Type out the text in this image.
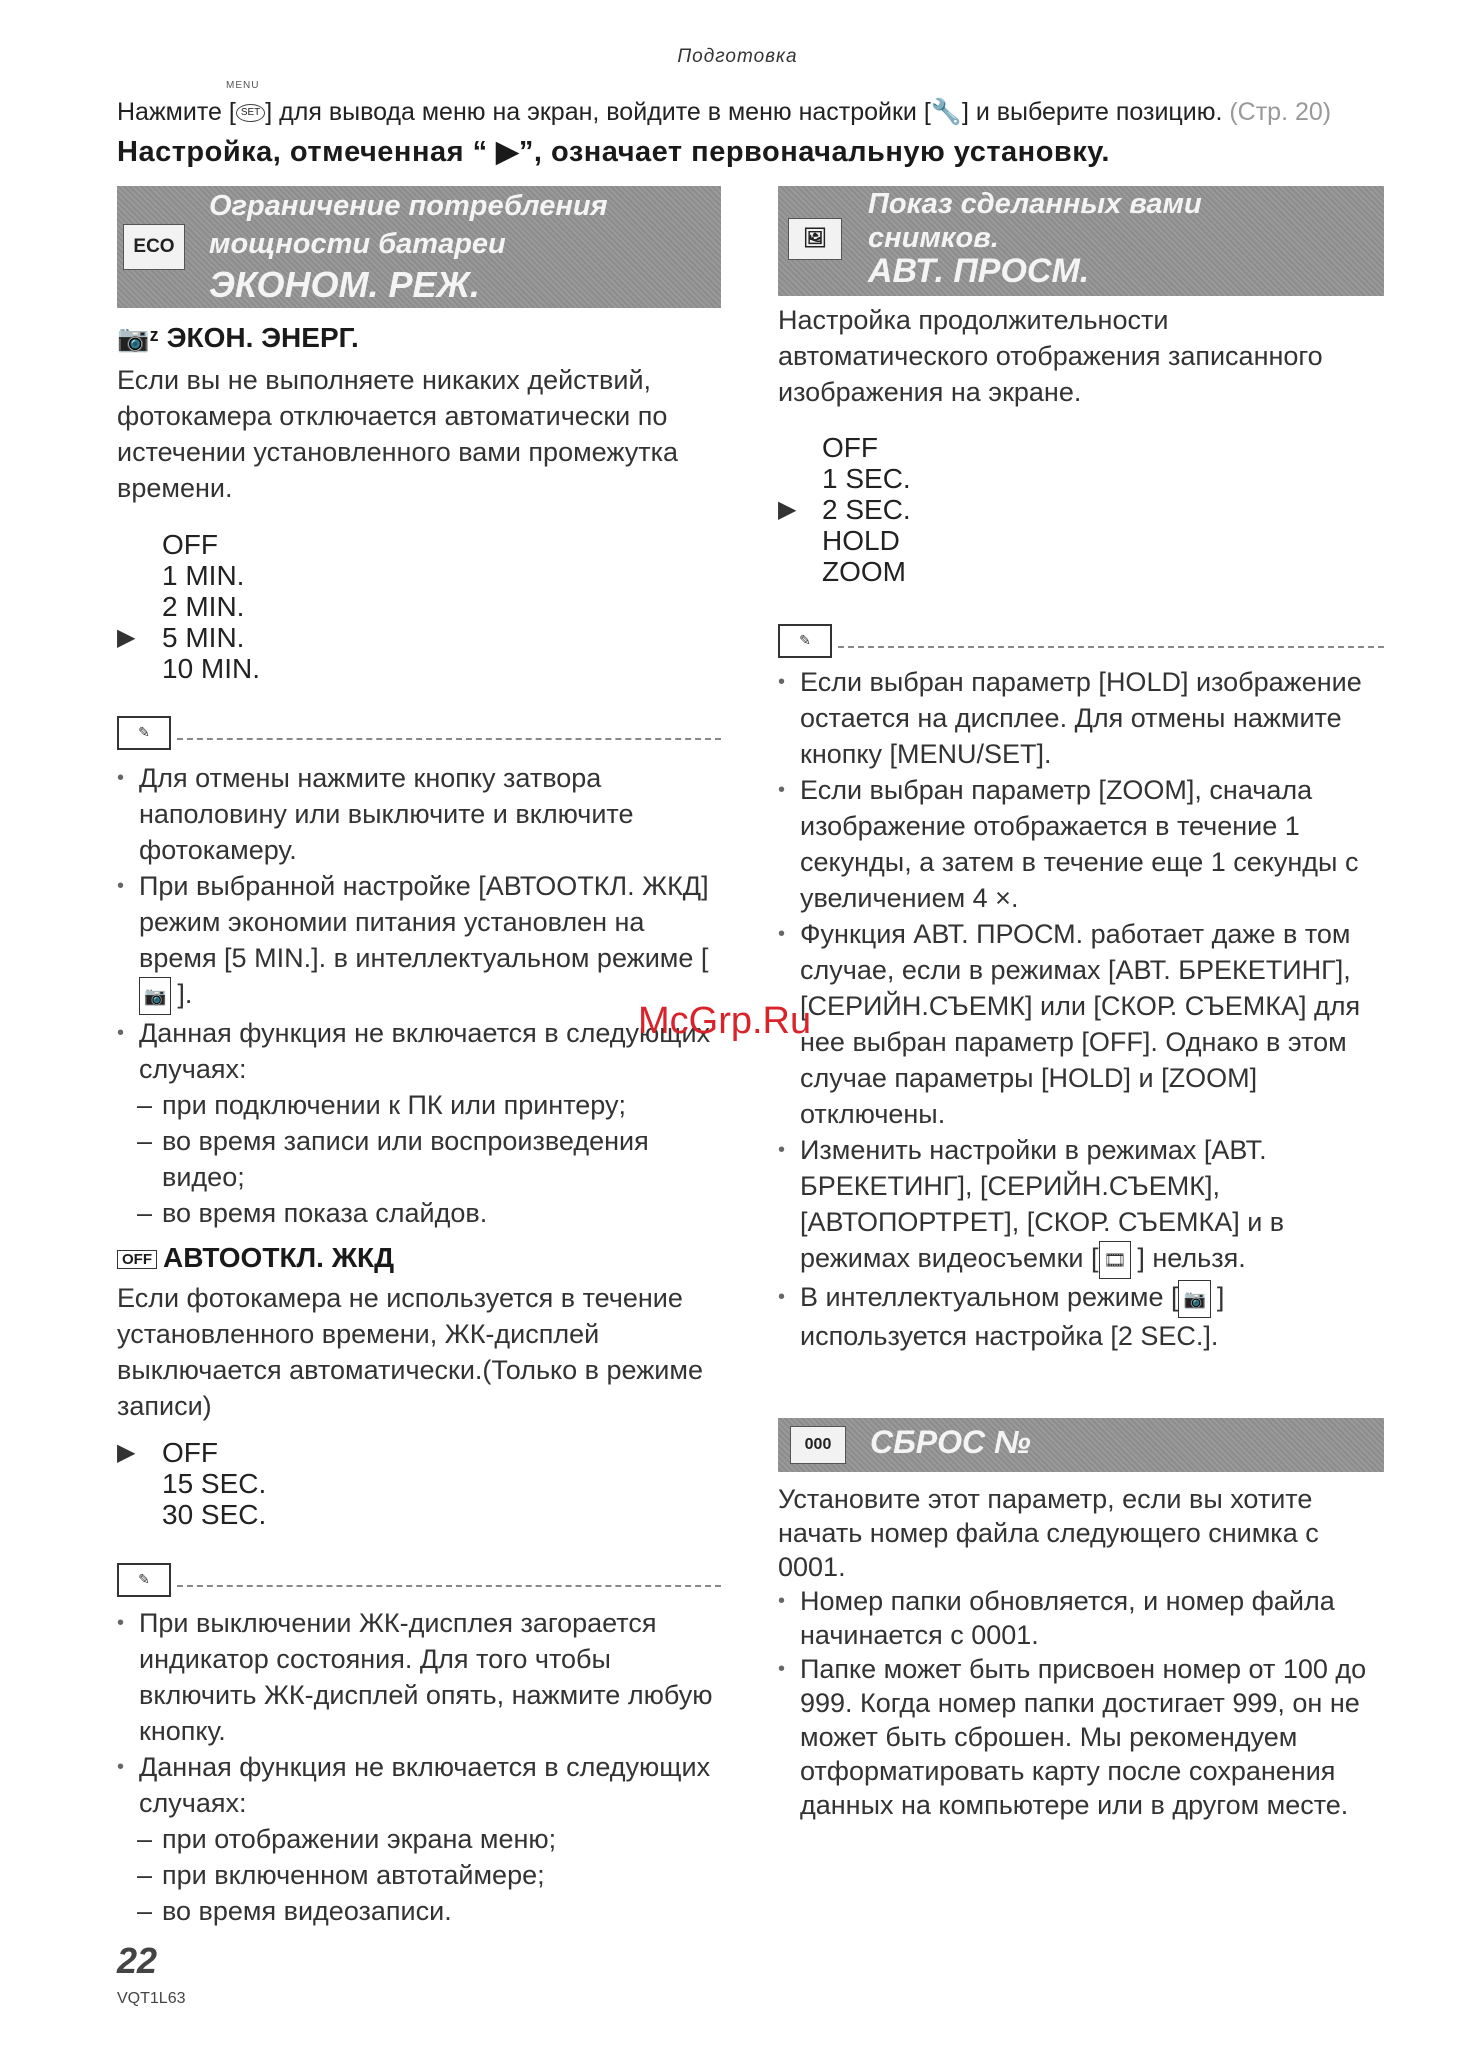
Подготовка
MENU
Нажмите [ SET ] для вывода меню на экран, войдите в меню настройки [🔧] и выберите позицию. (Стр. 20)
Настройка, отмеченная “ ▶”, означает первоначальную установку.
ECO
Ограничение потребления
мощности батареи
ЭКОНОМ. РЕЖ.
📷ᶻ ЭКОН. ЭНЕРГ.
Если вы не выполняете никаких действий, фотокамера отключается автоматически по истечении установленного вами промежутка времени.
OFF
1 MIN.
2 MIN.
▶ 5 MIN.
10 MIN.
✎
• Для отмены нажмите кнопку затвора наполовину или выключите и включите фотокамеру.
• При выбранной настройке [АВТООТКЛ. ЖКД] режим экономии питания установлен на время [5 MIN.]. в интеллектуальном режиме [📷 ].
• Данная функция не включается в следующих случаях:
– при подключении к ПК или принтеру;
– во время записи или воспроизведения видео;
– во время показа слайдов.
OFF АВТООТКЛ. ЖКД
Если фотокамера не используется в течение установленного времени, ЖК-дисплей выключается автоматически.(Только в режиме записи)
▶ OFF
15 SEC.
30 SEC.
✎
• При выключении ЖК-дисплея загорается индикатор состояния. Для того чтобы включить ЖК-дисплей опять, нажмите любую кнопку.
• Данная функция не включается в следующих случаях:
– при отображении экрана меню;
– при включенном автотаймере;
– во время видеозаписи.
🖼
Показ сделанных вами
снимков.
АВТ. ПРОСМ.
Настройка продолжительности автоматического отображения записанного изображения на экране.
OFF
1 SEC.
▶ 2 SEC.
HOLD
ZOOM
✎
• Если выбран параметр [HOLD] изображение остается на дисплее. Для отмены нажмите кнопку [MENU/SET].
• Если выбран параметр [ZOOM], сначала изображение отображается в течение 1 секунды, а затем в течение еще 1 секунды с увеличением 4 ×.
• Функция АВТ. ПРОСМ. работает даже в том случае, если в режимах [АВТ. БРЕКЕТИНГ], [СЕРИЙН.СЪЕМК] или [СКОР. СЪЕМКА] для нее выбран параметр [OFF]. Однако в этом случае параметры [HOLD] и [ZOOM] отключены.
• Изменить настройки в режимах [АВТ. БРЕКЕТИНГ], [СЕРИЙН.СЪЕМК], [АВТОПОРТРЕТ], [СКОР. СЪЕМКА] и в режимах видеосъемки [ 🎞 ] нельзя.
• В интеллектуальном режиме [ 📷 ] используется настройка [2 SEC.].
000	СБРОС №
Установите этот параметр, если вы хотите начать номер файла следующего снимка с 0001.
• Номер папки обновляется, и номер файла начинается с 0001.
• Папке может быть присвоен номер от 100 до 999. Когда номер папки достигает 999, он не может быть сброшен. Мы рекомендуем отформатировать карту после сохранения данных на компьютере или в другом месте.
McGrp.Ru
22
VQT1L63
